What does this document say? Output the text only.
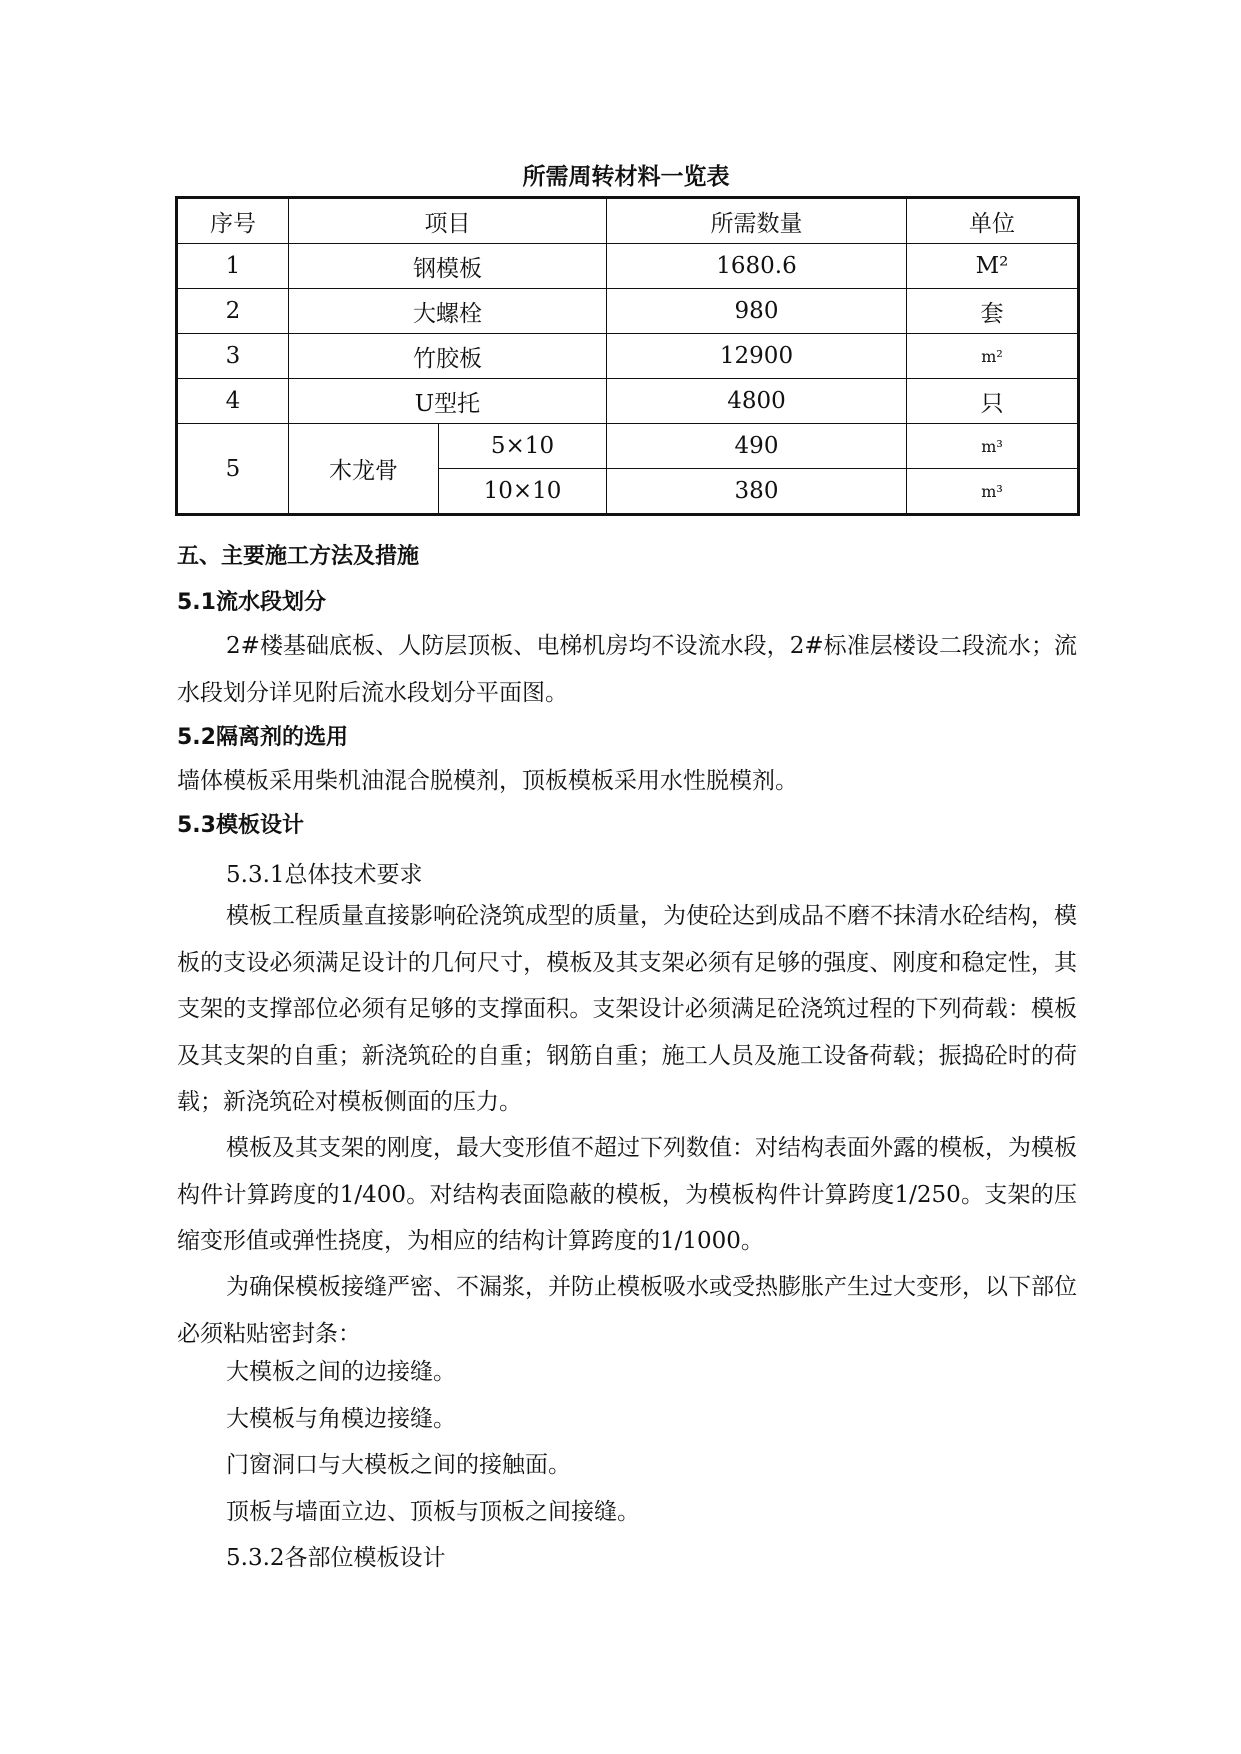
所需周转材料一览表
序号	项目		所需数量	单位
1	钢模板		1680.6	M²
2	大螺栓		980	套
3	竹胶板		12900	m²
4	U型托		4800	只
5	木龙骨	5×10	490	m³
		10×10	380	m³
五、主要施工方法及措施
5.1流水段划分

2#楼基础底板、人防层顶板、电梯机房均不设流水段，2#标准层楼设二段流水；流水段划分详见附后流水段划分平面图。

5.2隔离剂的选用

墙体模板采用柴机油混合脱模剂，顶板模板采用水性脱模剂。

5.3模板设计
5.3.1总体技术要求

模板工程质量直接影响砼浇筑成型的质量，为使砼达到成品不磨不抹清水砼结构，模板的支设必须满足设计的几何尺寸，模板及其支架必须有足够的强度、刚度和稳定性，其支架的支撑部位必须有足够的支撑面积。支架设计必须满足砼浇筑过程的下列荷载：模板及其支架的自重；新浇筑砼的自重；钢筋自重；施工人员及施工设备荷载；振捣砼时的荷载；新浇筑砼对模板侧面的压力。

模板及其支架的刚度，最大变形值不超过下列数值：对结构表面外露的模板，为模板构件计算跨度的1/400。对结构表面隐蔽的模板，为模板构件计算跨度1/250。支架的压缩变形值或弹性挠度，为相应的结构计算跨度的1/1000。

为确保模板接缝严密、不漏浆，并防止模板吸水或受热膨胀产生过大变形，以下部位必须粘贴密封条：

大模板之间的边接缝。
大模板与角模边接缝。
门窗洞口与大模板之间的接触面。
顶板与墙面立边、顶板与顶板之间接缝。
5.3.2各部位模板设计
